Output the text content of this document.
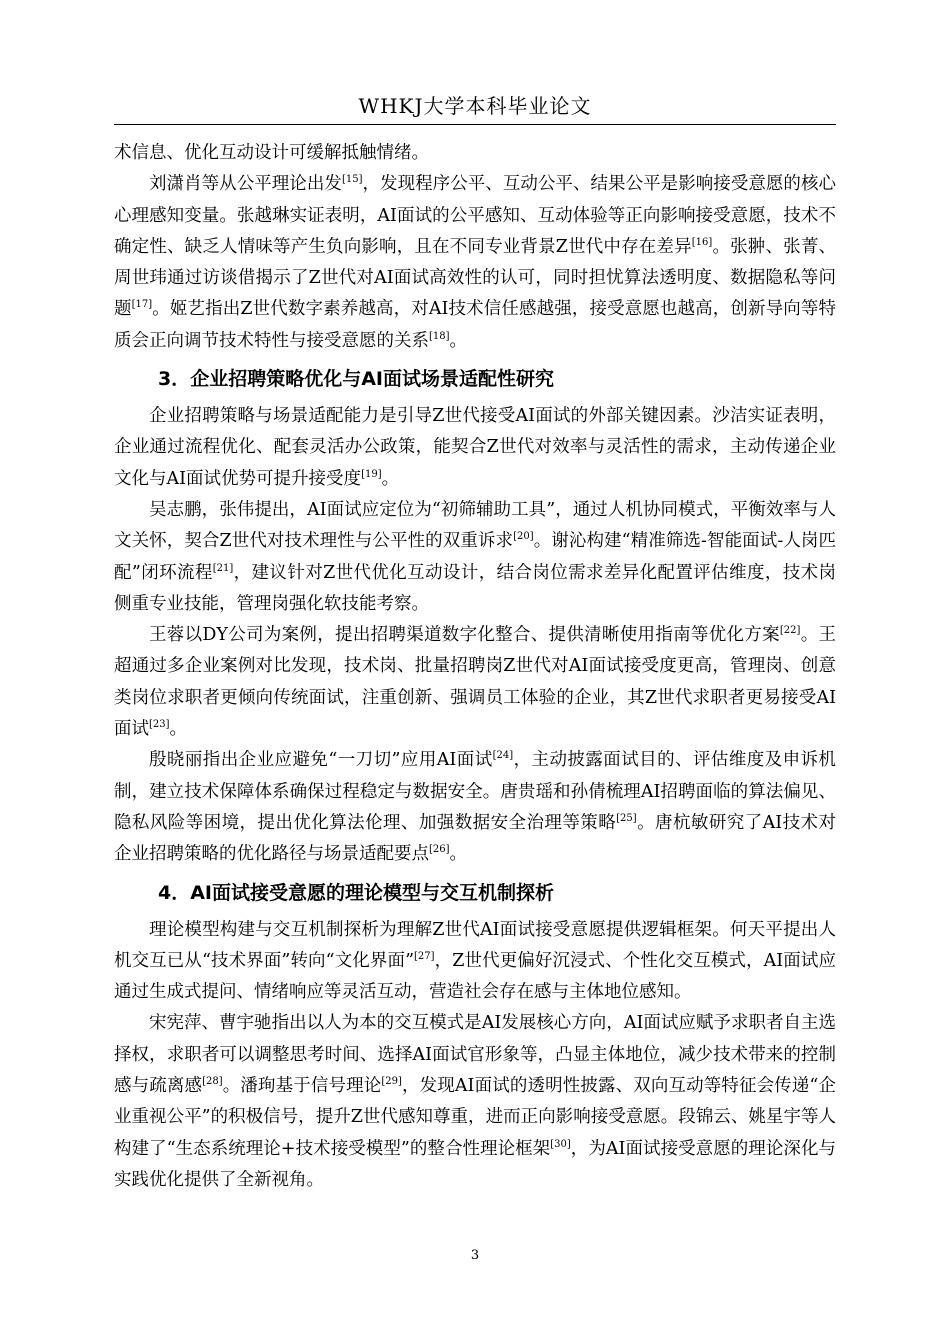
WHKJ大学本科毕业论文

术信息、优化互动设计可缓解抵触情绪。

刘潇肖等从公平理论出发[15]，发现程序公平、互动公平、结果公平是影响接受意愿的核心心理感知变量。张越琳实证表明，AI面试的公平感知、互动体验等正向影响接受意愿，技术不确定性、缺乏人情味等产生负向影响，且在不同专业背景Z世代中存在差异[16]。张翀、张菁、周世玮通过访谈借揭示了Z世代对AI面试高效性的认可，同时担忧算法透明度、数据隐私等问题[17]。姬艺指出Z世代数字素养越高，对AI技术信任感越强，接受意愿也越高，创新导向等特质会正向调节技术特性与接受意愿的关系[18]。

3．企业招聘策略优化与AI面试场景适配性研究

企业招聘策略与场景适配能力是引导Z世代接受AI面试的外部关键因素。沙洁实证表明，企业通过流程优化、配套灵活办公政策，能契合Z世代对效率与灵活性的需求，主动传递企业文化与AI面试优势可提升接受度[19]。

吴志鹏，张伟提出，AI面试应定位为“初筛辅助工具”，通过人机协同模式，平衡效率与人文关怀，契合Z世代对技术理性与公平性的双重诉求[20]。谢沁构建“精准筛选-智能面试-人岗匹配”闭环流程[21]，建议针对Z世代优化互动设计，结合岗位需求差异化配置评估维度，技术岗侧重专业技能，管理岗强化软技能考察。

王蓉以DY公司为案例，提出招聘渠道数字化整合、提供清晰使用指南等优化方案[22]。王超通过多企业案例对比发现，技术岗、批量招聘岗Z世代对AI面试接受度更高，管理岗、创意类岗位求职者更倾向传统面试，注重创新、强调员工体验的企业，其Z世代求职者更易接受AI面试[23]。

殷晓丽指出企业应避免“一刀切”应用AI面试[24]，主动披露面试目的、评估维度及申诉机制，建立技术保障体系确保过程稳定与数据安全。唐贵瑶和孙倩梳理AI招聘面临的算法偏见、隐私风险等困境，提出优化算法伦理、加强数据安全治理等策略[25]。唐杭敏研究了AI技术对企业招聘策略的优化路径与场景适配要点[26]。

4．AI面试接受意愿的理论模型与交互机制探析

理论模型构建与交互机制探析为理解Z世代AI面试接受意愿提供逻辑框架。何天平提出人机交互已从“技术界面”转向“文化界面”[27]，Z世代更偏好沉浸式、个性化交互模式，AI面试应通过生成式提问、情绪响应等灵活互动，营造社会存在感与主体地位感知。

宋宪萍、曹宇驰指出以人为本的交互模式是AI发展核心方向，AI面试应赋予求职者自主选择权，求职者可以调整思考时间、选择AI面试官形象等，凸显主体地位，减少技术带来的控制感与疏离感[28]。潘珣基于信号理论[29]，发现AI面试的透明性披露、双向互动等特征会传递“企业重视公平”的积极信号，提升Z世代感知尊重，进而正向影响接受意愿。段锦云、姚星宇等人构建了“生态系统理论+技术接受模型”的整合性理论框架[30]，为AI面试接受意愿的理论深化与实践优化提供了全新视角。

3
